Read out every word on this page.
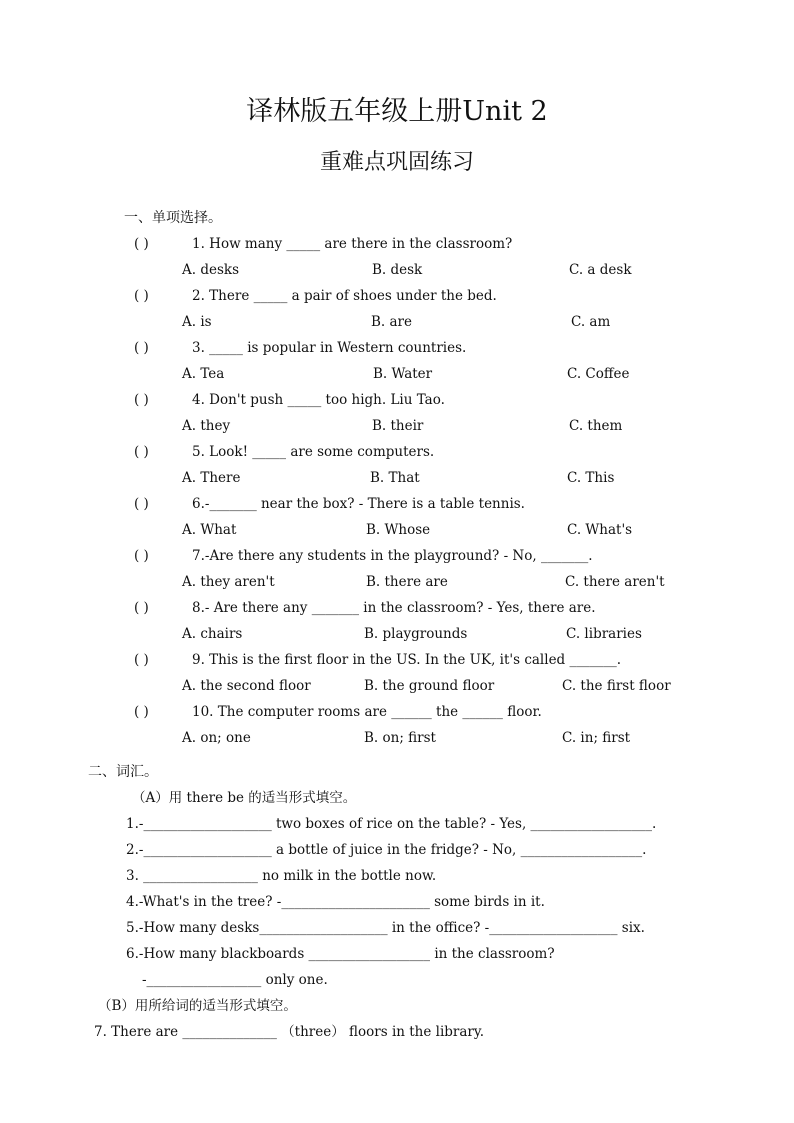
译林版五年级上册Unit 2
重难点巩固练习
一、单项选择。
( )	1. How many _____ are there in the classroom?
A. desks	B. desk	C. a desk
( )	2. There _____ a pair of shoes under the bed.
A. is	B. are	C. am
( )	3. _____ is popular in Western countries.
A. Tea	B. Water	C. Coffee
( )	4. Don't push _____ too high. Liu Tao.
A. they	B. their	C. them
( )	5. Look! _____ are some computers.
A. There	B. That	C. This
( )	6.-_______ near the box? - There is a table tennis.
A. What	B. Whose	C. What's
( )	7.-Are there any students in the playground? - No, _______.
A. they aren't	B. there are	C. there aren't
( )	8.- Are there any _______ in the classroom? - Yes, there are.
A. chairs	B. playgrounds	C. libraries
( )	9. This is the first floor in the US. In the UK, it's called _______.
A. the second floor	B. the ground floor	C. the first floor
( )	10. The computer rooms are ______ the ______ floor.
A. on; one	B. on; first	C. in; first
二、词汇。
（A）用 there be 的适当形式填空。
1.-___________________ two boxes of rice on the table? - Yes, __________________.
2.-___________________ a bottle of juice in the fridge? - No, __________________.
3. _________________ no milk in the bottle now.
4.-What's in the tree? -______________________ some birds in it.
5.-How many desks___________________ in the office? -___________________ six.
6.-How many blackboards __________________ in the classroom?
-_________________ only one.
（B）用所给词的适当形式填空。
7. There are ______________ （three） floors in the library.
